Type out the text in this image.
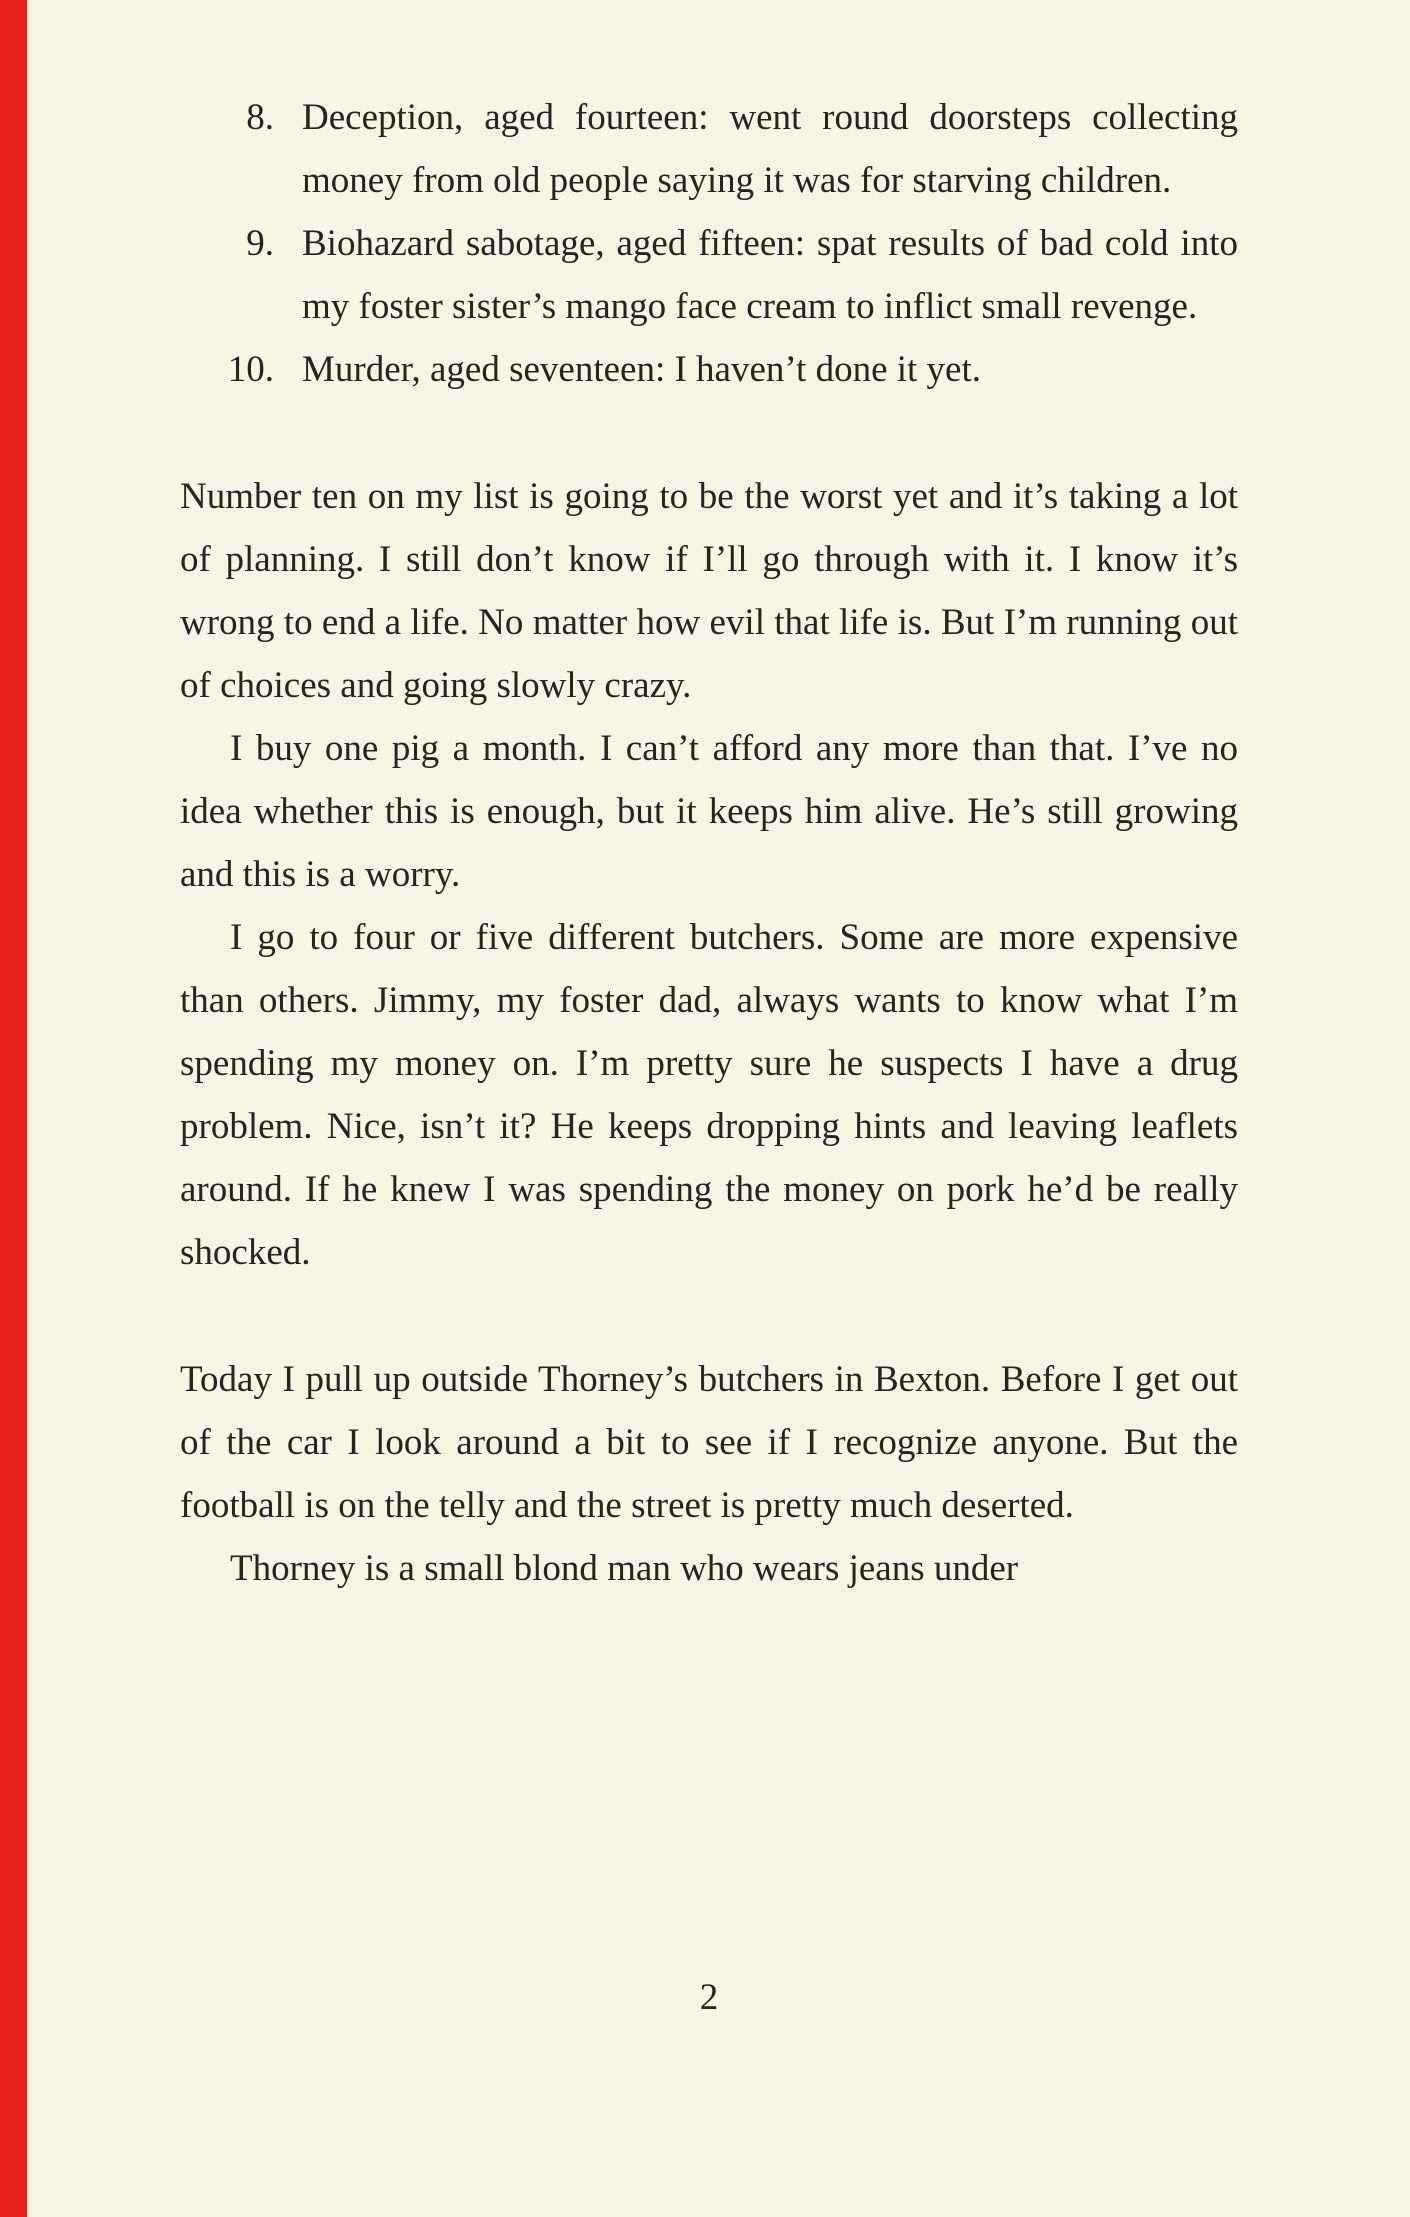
8. Deception, aged fourteen: went round doorsteps collecting money from old people saying it was for starving children.
9. Biohazard sabotage, aged fifteen: spat results of bad cold into my foster sister’s mango face cream to inflict small revenge.
10. Murder, aged seventeen: I haven’t done it yet.

Number ten on my list is going to be the worst yet and it’s taking a lot of planning. I still don’t know if I’ll go through with it. I know it’s wrong to end a life. No matter how evil that life is. But I’m running out of choices and going slowly crazy.

I buy one pig a month. I can’t afford any more than that. I’ve no idea whether this is enough, but it keeps him alive. He’s still growing and this is a worry.

I go to four or five different butchers. Some are more expensive than others. Jimmy, my foster dad, always wants to know what I’m spending my money on. I’m pretty sure he suspects I have a drug problem. Nice, isn’t it? He keeps dropping hints and leaving leaflets around. If he knew I was spending the money on pork he’d be really shocked.

Today I pull up outside Thorney’s butchers in Bexton. Before I get out of the car I look around a bit to see if I recognize anyone. But the football is on the telly and the street is pretty much deserted.

Thorney is a small blond man who wears jeans under

2
